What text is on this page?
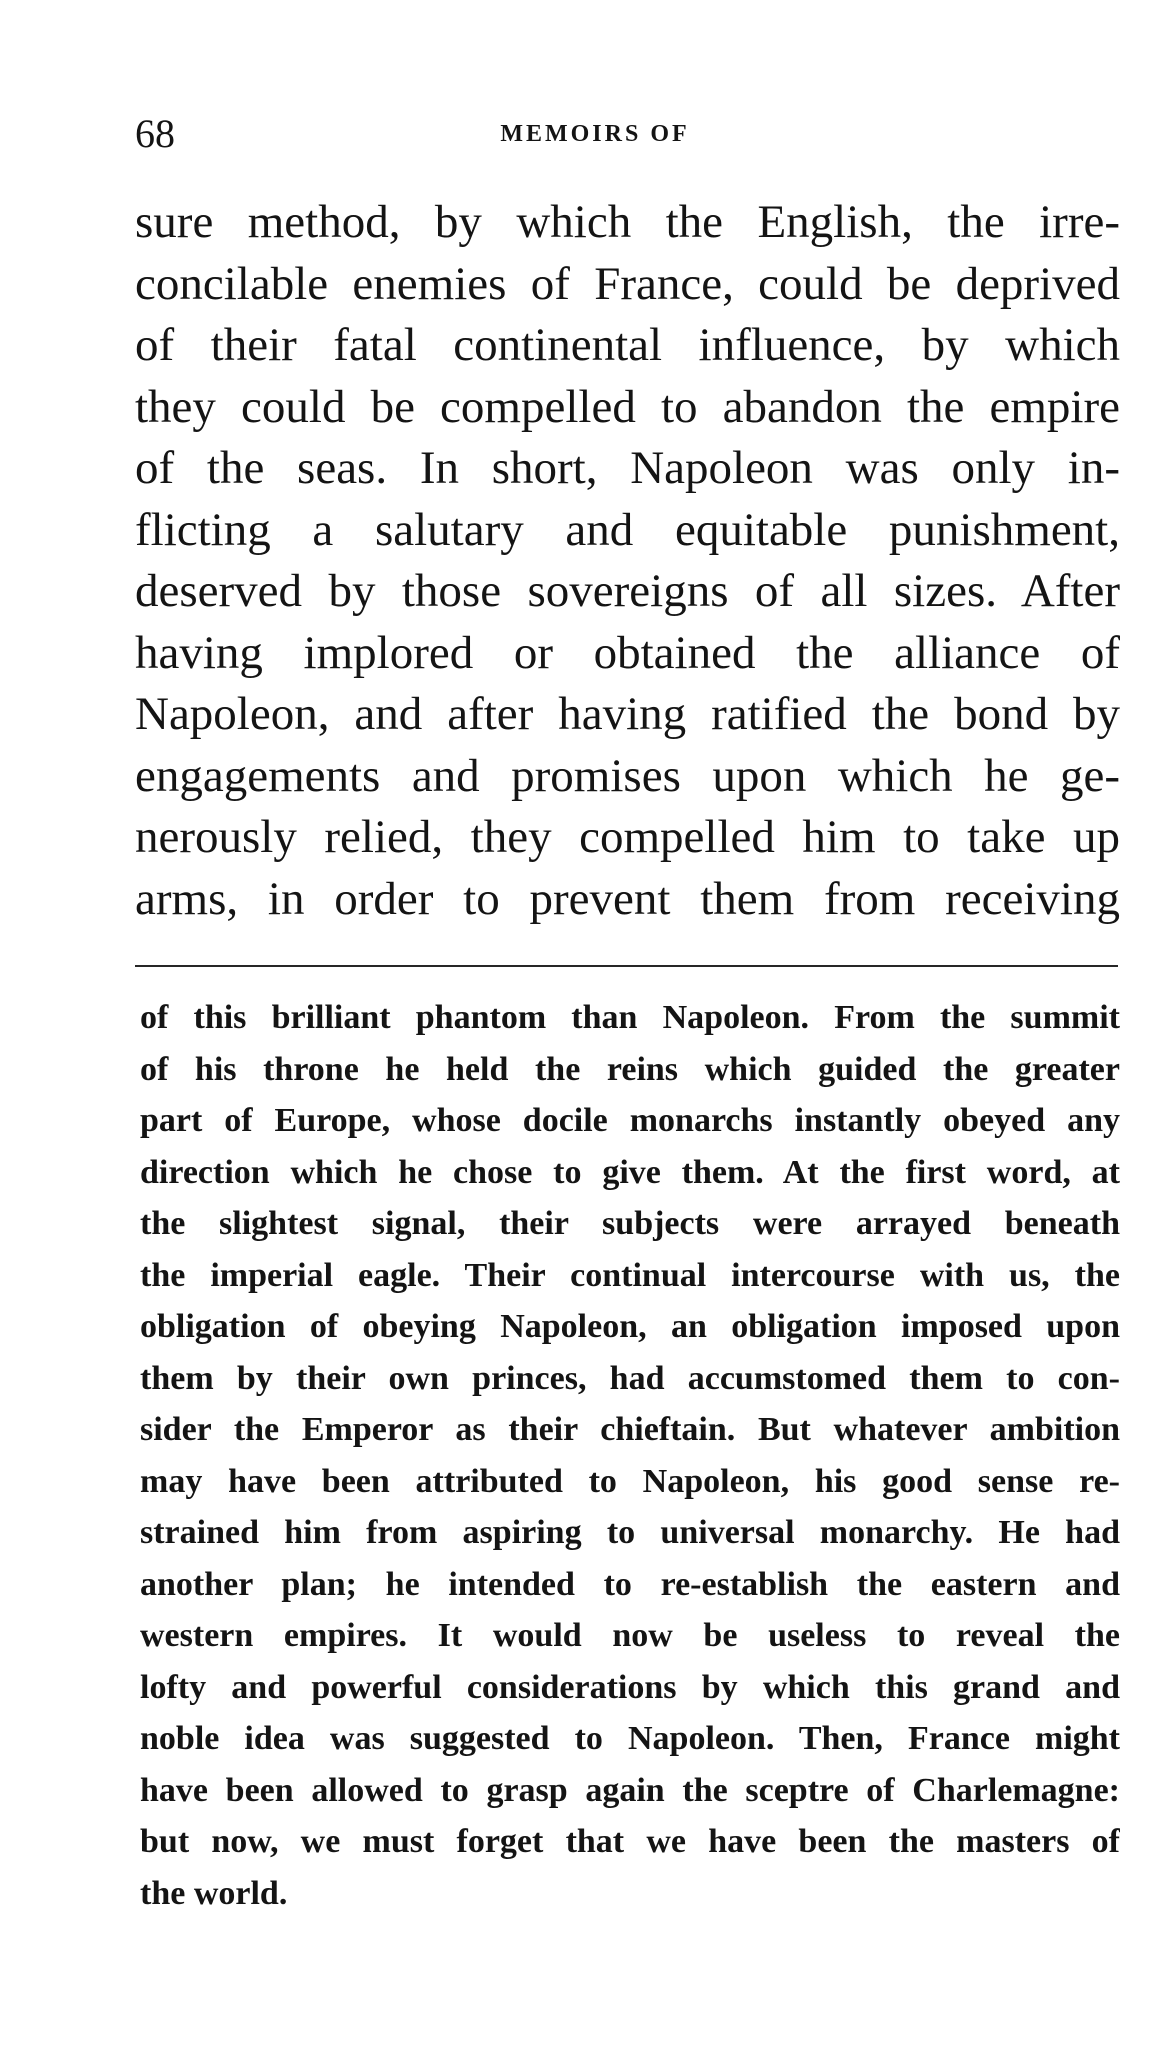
68	MEMOIRS OF
sure method, by which the English, the irre-
concilable enemies of France, could be deprived
of their fatal continental influence, by which
they could be compelled to abandon the empire
of the seas. In short, Napoleon was only in-
flicting a salutary and equitable punishment,
deserved by those sovereigns of all sizes. After
having implored or obtained the alliance of
Napoleon, and after having ratified the bond by
engagements and promises upon which he ge-
nerously relied, they compelled him to take up
arms, in order to prevent them from receiving
of this brilliant phantom than Napoleon. From the summit
of his throne he held the reins which guided the greater
part of Europe, whose docile monarchs instantly obeyed any
direction which he chose to give them. At the first word, at
the slightest signal, their subjects were arrayed beneath
the imperial eagle. Their continual intercourse with us, the
obligation of obeying Napoleon, an obligation imposed upon
them by their own princes, had accumstomed them to con-
sider the Emperor as their chieftain. But whatever ambition
may have been attributed to Napoleon, his good sense re-
strained him from aspiring to universal monarchy. He had
another plan; he intended to re-establish the eastern and
western empires. It would now be useless to reveal the
lofty and powerful considerations by which this grand and
noble idea was suggested to Napoleon. Then, France might
have been allowed to grasp again the sceptre of Charlemagne:
but now, we must forget that we have been the masters of
the world.
